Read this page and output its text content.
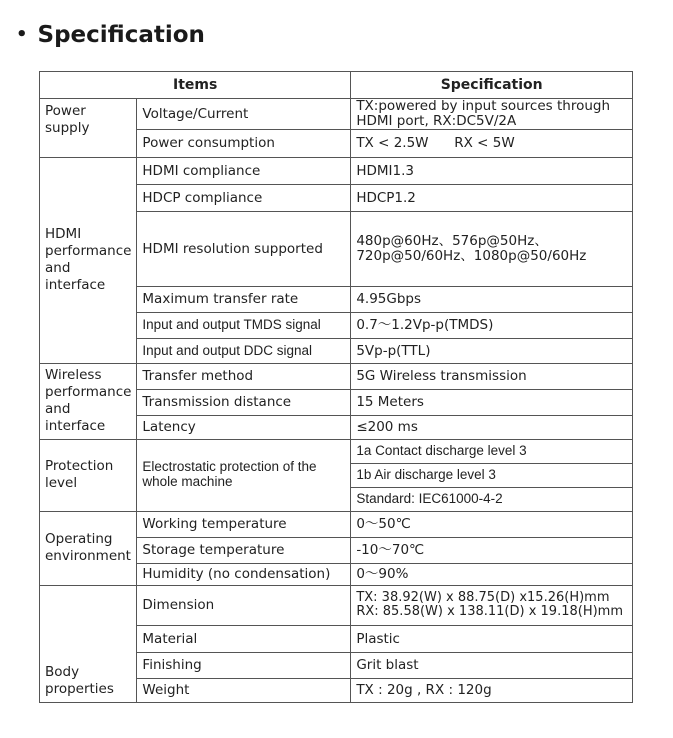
• Specification
Items		Specification
Power supply	Voltage/Current	TX:powered by input sources through HDMI port, RX:DC5V/2A
	Power consumption	TX < 2.5W      RX < 5W
HDMI performance and interface	HDMI compliance	HDMI1.3
	HDCP compliance	HDCP1.2
	HDMI resolution supported	480p@60Hz、576p@50Hz、720p@50/60Hz、1080p@50/60Hz
	Maximum transfer rate	4.95Gbps
	Input and output TMDS signal	0.7～1.2Vp-p(TMDS)
	Input and output DDC signal	5Vp-p(TTL)
Wireless performance and interface	Transfer method	5G Wireless transmission
	Transmission distance	15 Meters
	Latency	≤200 ms
Protection level	Electrostatic protection of the whole machine	1a Contact discharge level 3
		1b Air discharge level 3
		Standard: IEC61000-4-2
Operating environment	Working temperature	0～50℃
	Storage temperature	-10～70℃
	Humidity (no condensation)	0～90%
Body properties	Dimension	TX: 38.92(W) x 88.75(D) x15.26(H)mm
RX: 85.58(W) x 138.11(D) x 19.18(H)mm

	Material	Plastic
	Finishing	Grit blast
	Weight	TX : 20g , RX : 120g
